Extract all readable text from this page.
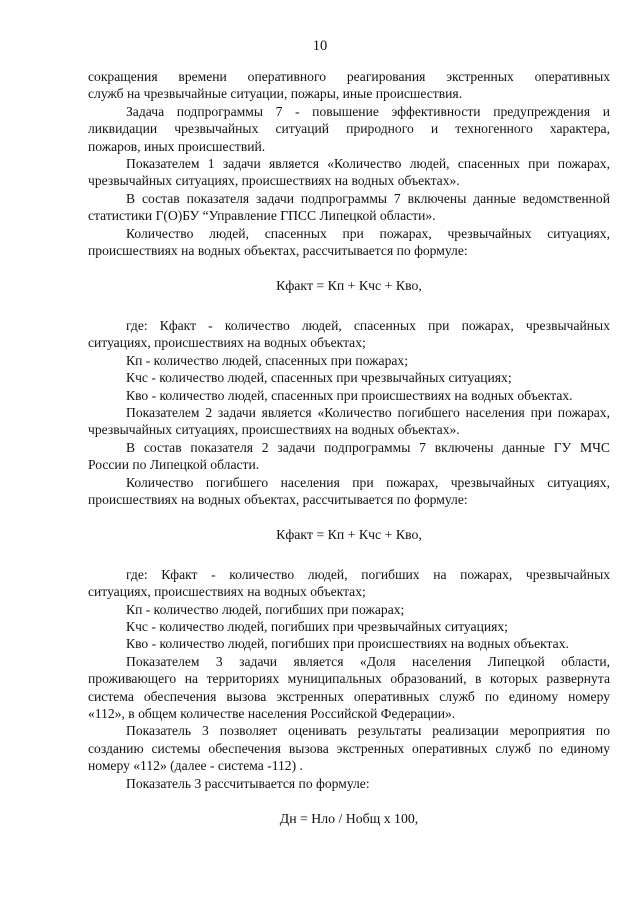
10
сокращения времени оперативного реагирования экстренных оперативных
служб на чрезвычайные ситуации, пожары, иные происшествия.
Задача подпрограммы 7 - повышение эффективности предупреждения и
ликвидации чрезвычайных ситуаций природного и техногенного характера,
пожаров, иных происшествий.
Показателем 1 задачи является «Количество людей, спасенных при пожарах,
чрезвычайных ситуациях, происшествиях на водных объектах».
В состав показателя задачи подпрограммы 7 включены данные ведомственной
статистики Г(О)БУ “Управление ГПСС Липецкой области».
Количество людей, спасенных при пожарах, чрезвычайных ситуациях,
происшествиях на водных объектах, рассчитывается по формуле:
Кфакт = Кп + Кчс + Кво,
где: Кфакт - количество людей, спасенных при пожарах, чрезвычайных
ситуациях, происшествиях на водных объектах;
Кп - количество людей, спасенных при пожарах;
Кчс - количество людей, спасенных при чрезвычайных ситуациях;
Кво - количество людей, спасенных при происшествиях на водных объектах.
Показателем 2 задачи является «Количество погибшего населения при пожарах,
чрезвычайных ситуациях, происшествиях на водных объектах».
В состав показателя 2 задачи подпрограммы 7 включены данные ГУ МЧС
России по Липецкой области.
Количество погибшего населения при пожарах, чрезвычайных ситуациях,
происшествиях на водных объектах, рассчитывается по формуле:
Кфакт = Кп + Кчс + Кво,
где: Кфакт - количество людей, погибших на пожарах, чрезвычайных
ситуациях, происшествиях на водных объектах;
Кп - количество людей, погибших при пожарах;
Кчс - количество людей, погибших при чрезвычайных ситуациях;
Кво - количество людей, погибших при происшествиях на водных объектах.
Показателем 3 задачи является «Доля населения Липецкой области,
проживающего на территориях муниципальных образований, в которых развернута
система обеспечения вызова экстренных оперативных служб по единому номеру
«112», в общем количестве населения Российской Федерации».
Показатель 3 позволяет оценивать результаты реализации мероприятия по
созданию системы обеспечения вызова экстренных оперативных служб по единому
номеру «112» (далее - система -112) .
Показатель 3 рассчитывается по формуле:
Дн = Нло / Нобщ х 100,
